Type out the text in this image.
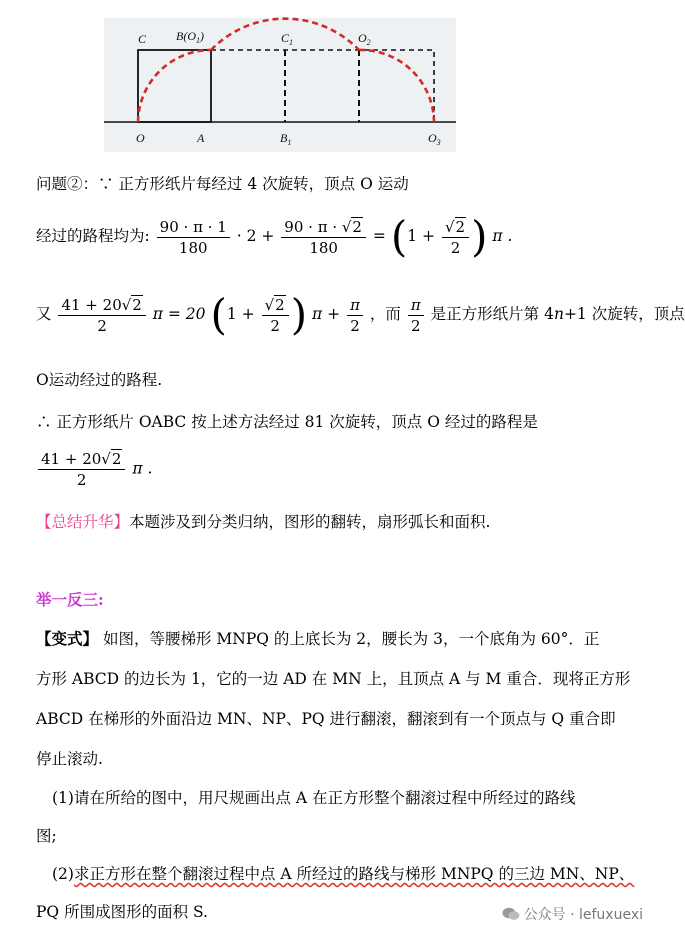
C $B(O_1)$	$C_1$	$O_2$
O	A	$B_1$	$O_3$
问题②：∵ 正方形纸片每经过 4 次旋转，顶点 O 运动
经过的路程均为: $\frac{90 \cdot \pi \cdot 1}{180} \cdot 2 + \frac{90 \cdot \pi \cdot √2}{180} = (1 + \frac{√2}{2}$ ) π .
又 $\frac{41 + 20√2}{2}$ π = 20 ($1 + \frac{√2}{2}$ ) $\pi + \frac{\pi}{2}$ ，而 $\frac{\pi}{2}$ 是正方形纸片第 4n+1 次旋转，顶点
O运动经过的路程.
∴ 正方形纸片 OABC 按上述方法经过 81 次旋转，顶点 O 经过的路程是
$\frac{41 + 20√2}{2}$ π .
【总结升华】本题涉及到分类归纳，图形的翻转，扇形弧长和面积.
举一反三:
【变式】 如图，等腰梯形 MNPQ 的上底长为 2，腰长为 3，一个底角为 60°．正
方形 ABCD 的边长为 1，它的一边 AD 在 MN 上，且顶点 A 与 M 重合．现将正方形
ABCD 在梯形的外面沿边 MN、NP、PQ 进行翻滚，翻滚到有一个顶点与 Q 重合即
停止滚动.
(1)请在所给的图中，用尺规画出点 A 在正方形整个翻滚过程中所经过的路线
图;
(2)求正方形在整个翻滚过程中点 A 所经过的路线与梯形 MNPQ 的三边 MN、NP、
PQ 所围成图形的面积 S.	公众号 · lefuxuexi
